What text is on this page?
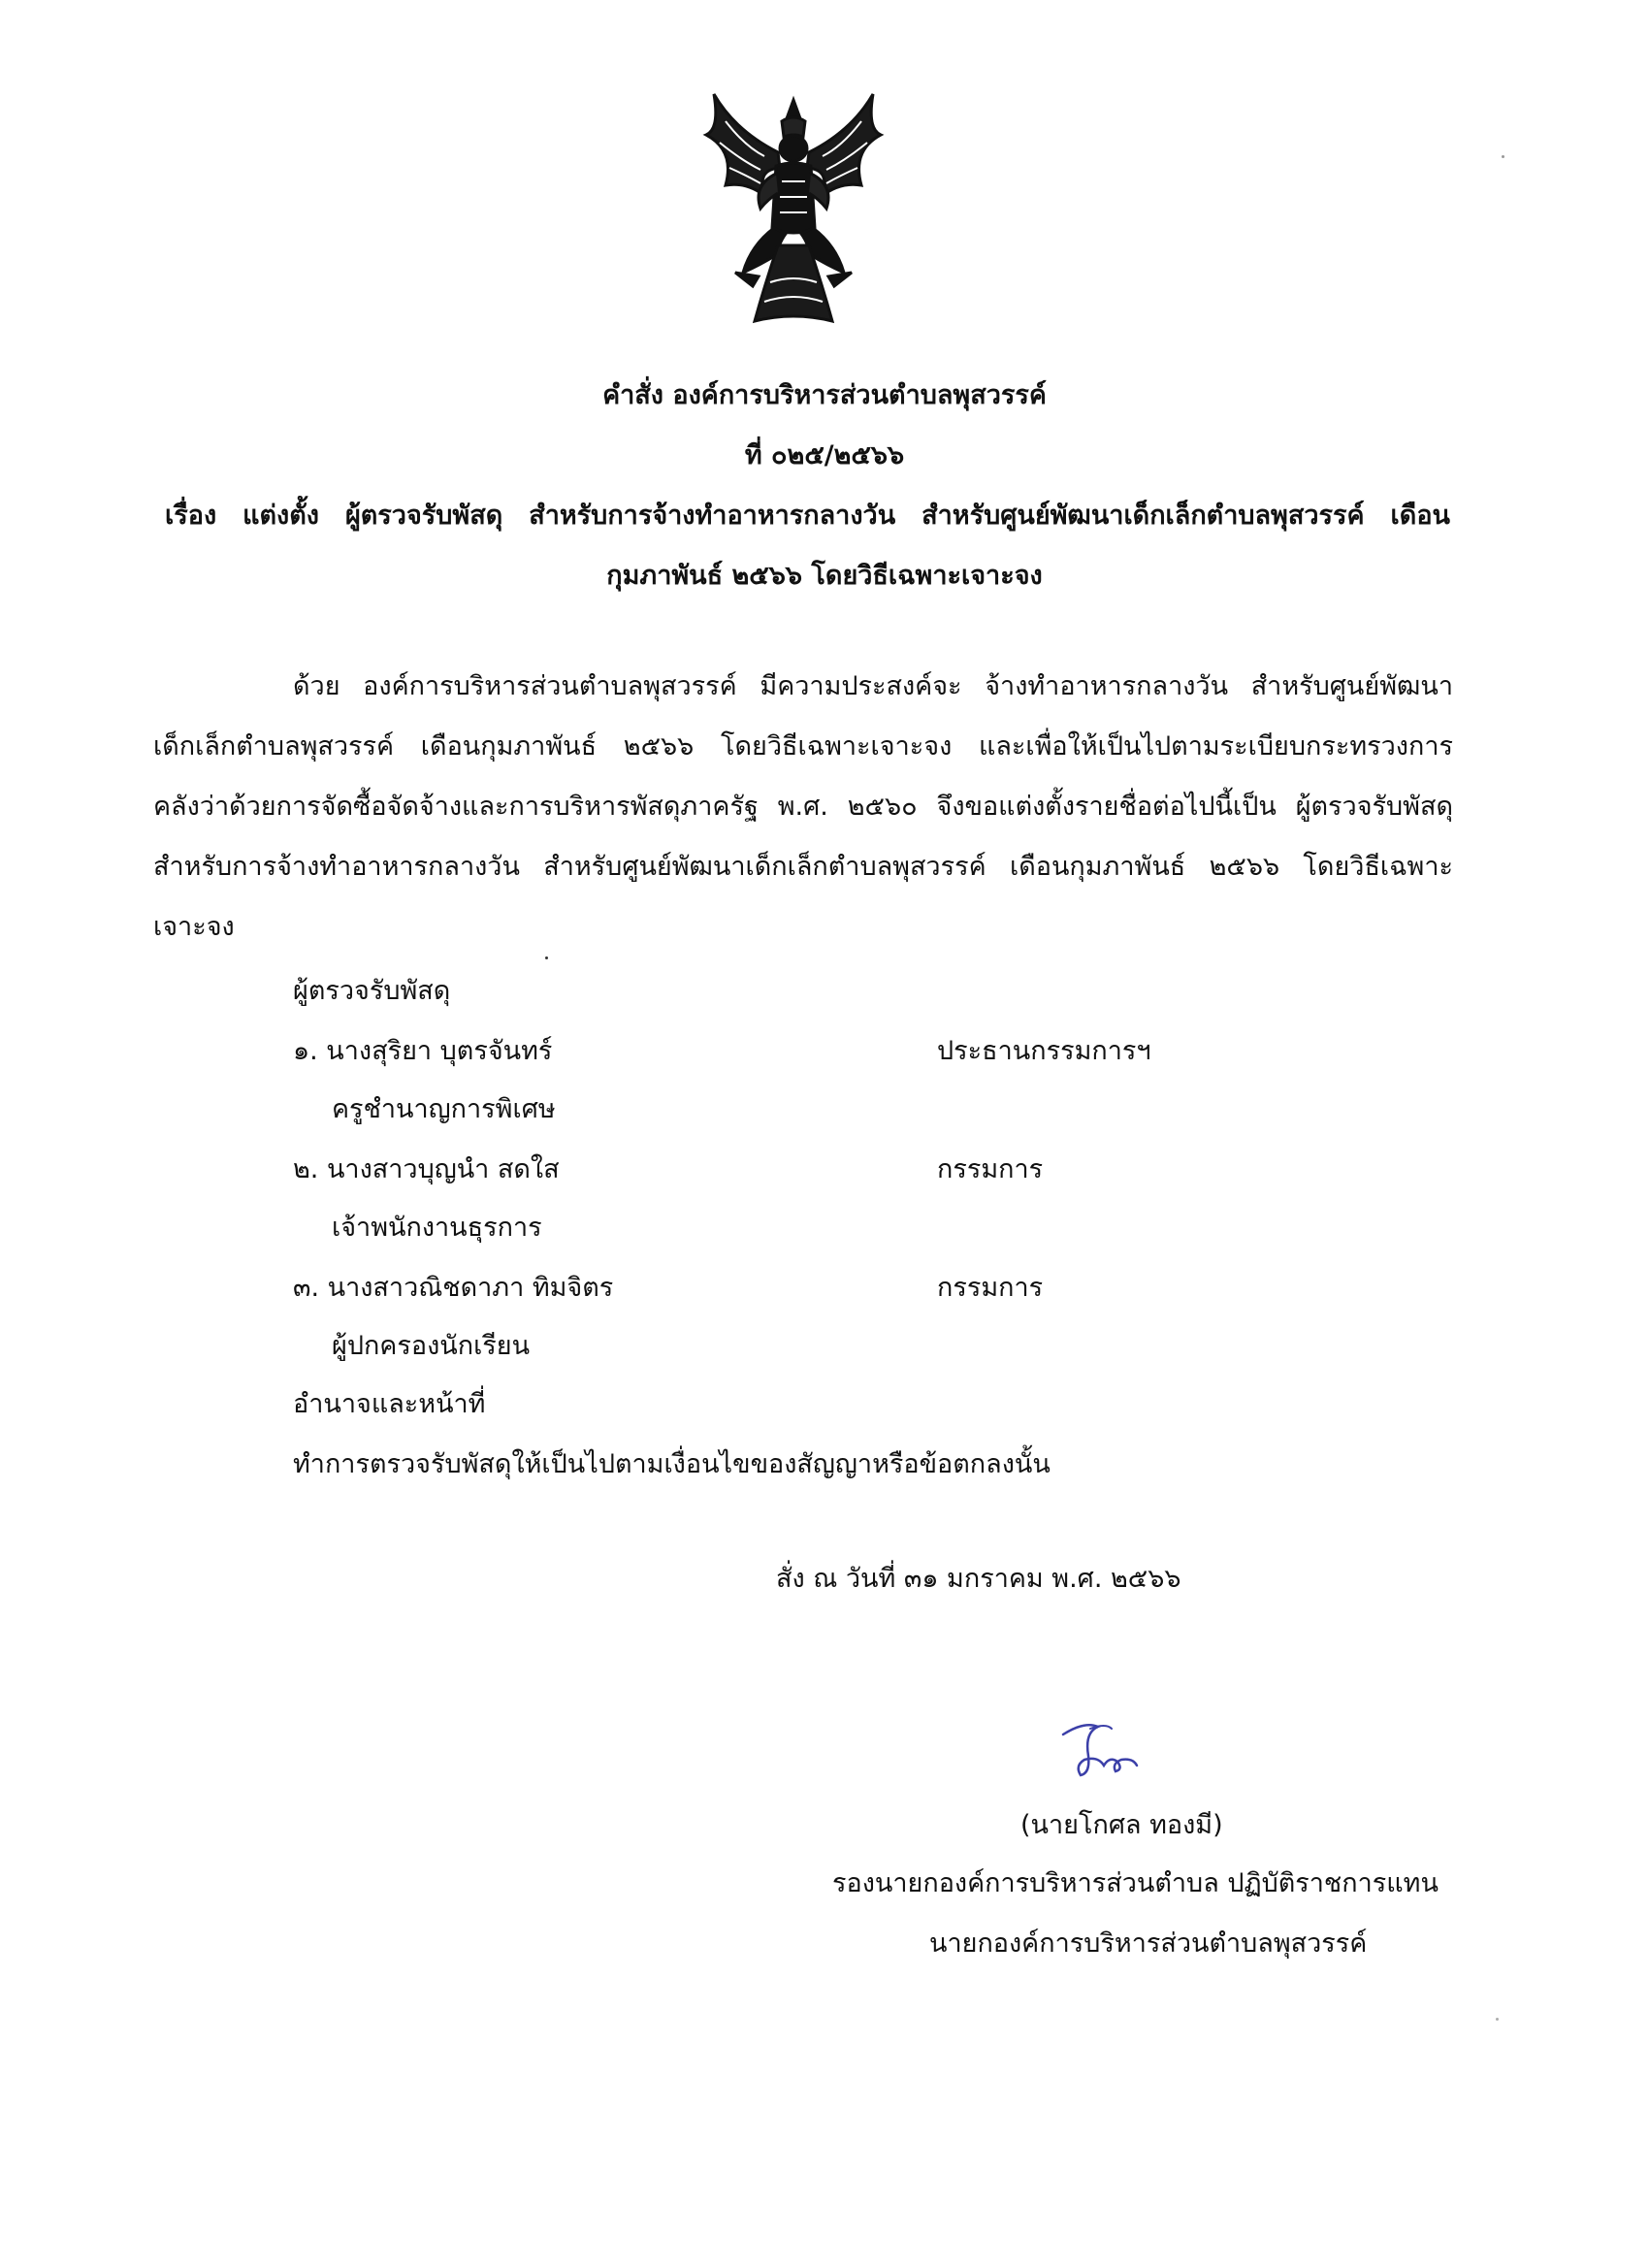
คำสั่ง องค์การบริหารส่วนตำบลพุสวรรค์
ที่ ๐๒๕/๒๕๖๖
เรื่อง แต่งตั้ง ผู้ตรวจรับพัสดุ สำหรับการจ้างทำอาหารกลางวัน สำหรับศูนย์พัฒนาเด็กเล็กตำบลพุสวรรค์ เดือน
กุมภาพันธ์ ๒๕๖๖ โดยวิธีเฉพาะเจาะจง
ด้วย องค์การบริหารส่วนตำบลพุสวรรค์ มีความประสงค์จะ จ้างทำอาหารกลางวัน สำหรับศูนย์พัฒนา
เด็กเล็กตำบลพุสวรรค์ เดือนกุมภาพันธ์ ๒๕๖๖ โดยวิธีเฉพาะเจาะจง และเพื่อให้เป็นไปตามระเบียบกระทรวงการ
คลังว่าด้วยการจัดซื้อจัดจ้างและการบริหารพัสดุภาครัฐ พ.ศ. ๒๕๖๐ จึงขอแต่งตั้งรายชื่อต่อไปนี้เป็น ผู้ตรวจรับพัสดุ
สำหรับการจ้างทำอาหารกลางวัน สำหรับศูนย์พัฒนาเด็กเล็กตำบลพุสวรรค์ เดือนกุมภาพันธ์ ๒๕๖๖ โดยวิธีเฉพาะ
เจาะจง
ผู้ตรวจรับพัสดุ
๑. นางสุริยา บุตรจันทร์	ประธานกรรมการฯ
ครูชำนาญการพิเศษ
๒. นางสาวบุญนำ สดใส	กรรมการ
เจ้าพนักงานธุรการ
๓. นางสาวณิชดาภา ทิมจิตร	กรรมการ
ผู้ปกครองนักเรียน
อำนาจและหน้าที่
ทำการตรวจรับพัสดุให้เป็นไปตามเงื่อนไขของสัญญาหรือข้อตกลงนั้น
สั่ง ณ วันที่ ๓๑ มกราคม พ.ศ. ๒๕๖๖
(นายโกศล ทองมี)
รองนายกองค์การบริหารส่วนตำบล ปฏิบัติราชการแทน
นายกองค์การบริหารส่วนตำบลพุสวรรค์
